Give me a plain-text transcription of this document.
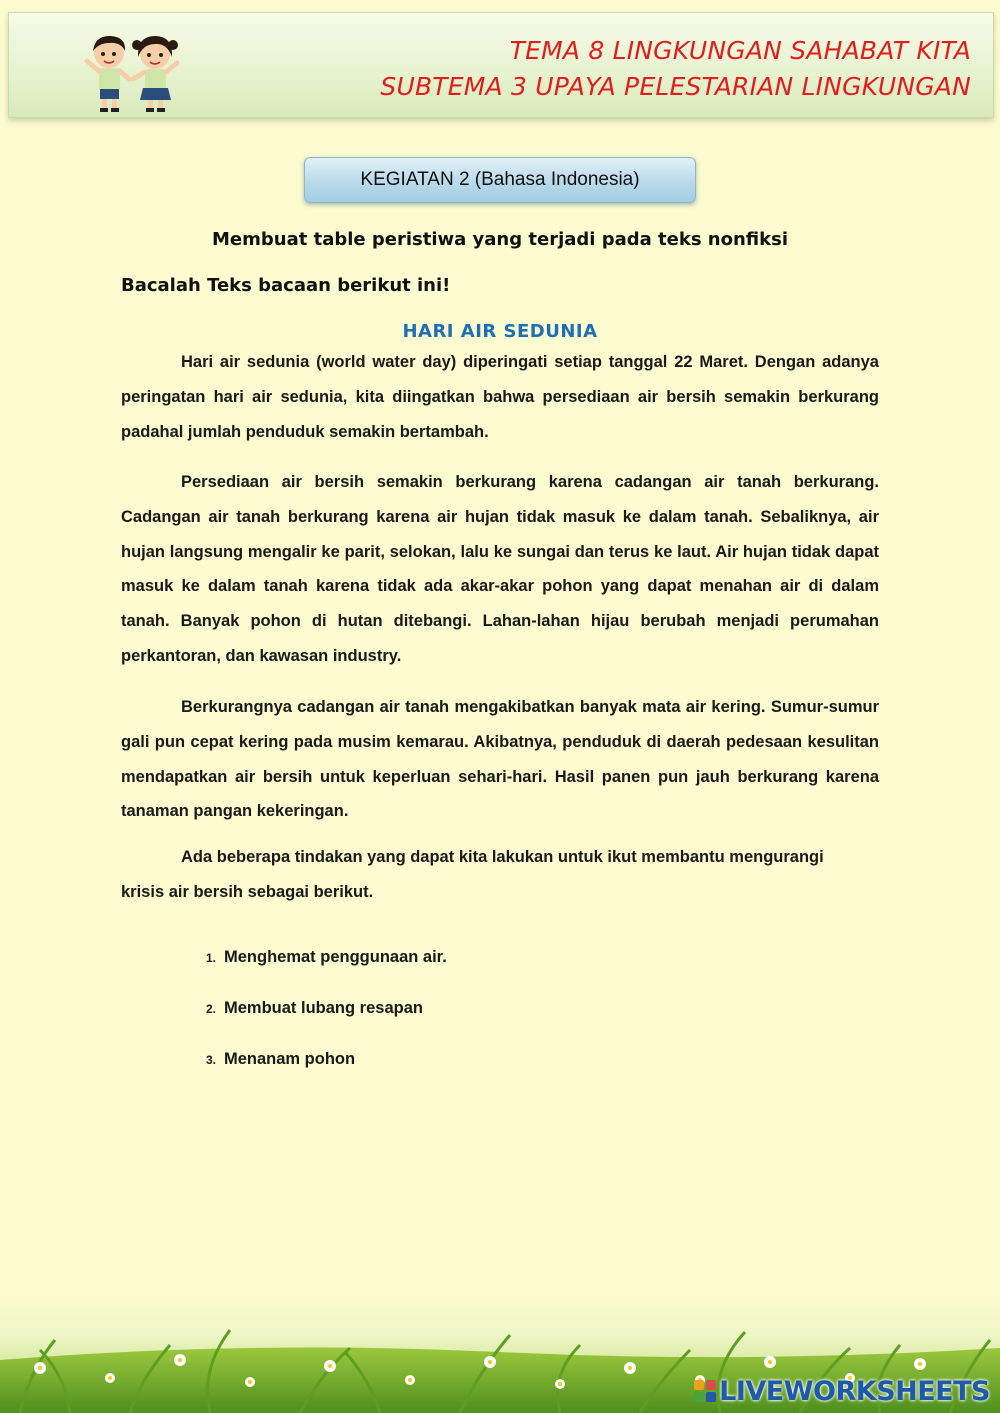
TEMA 8 LINGKUNGAN SAHABAT KITA
SUBTEMA 3 UPAYA PELESTARIAN LINGKUNGAN
KEGIATAN 2 (Bahasa Indonesia)
Membuat table peristiwa yang terjadi pada teks nonfiksi
Bacalah Teks bacaan berikut ini!
HARI AIR SEDUNIA

Hari air sedunia (world water day) diperingati setiap tanggal 22 Maret. Dengan adanya peringatan hari air sedunia, kita diingatkan bahwa persediaan air bersih semakin berkurang padahal jumlah penduduk semakin bertambah.

Persediaan air bersih semakin berkurang karena cadangan air tanah berkurang. Cadangan air tanah berkurang karena air hujan tidak masuk ke dalam tanah. Sebaliknya, air hujan langsung mengalir ke parit, selokan, lalu ke sungai dan terus ke laut. Air hujan tidak dapat masuk ke dalam tanah karena tidak ada akar-akar pohon yang dapat menahan air di dalam tanah. Banyak pohon di hutan ditebangi. Lahan-lahan hijau berubah menjadi perumahan perkantoran, dan kawasan industry.

Berkurangnya cadangan air tanah mengakibatkan banyak mata air kering. Sumur-sumur gali pun cepat kering pada musim kemarau. Akibatnya, penduduk di daerah pedesaan kesulitan mendapatkan air bersih untuk keperluan sehari-hari. Hasil panen pun jauh berkurang karena tanaman pangan kekeringan.

Ada beberapa tindakan yang dapat kita lakukan untuk ikut membantu mengurangi krisis air bersih sebagai berikut.

1. Menghemat penggunaan air.
2. Membuat lubang resapan
3. Menanam pohon
LIVEWORKSHEETS
